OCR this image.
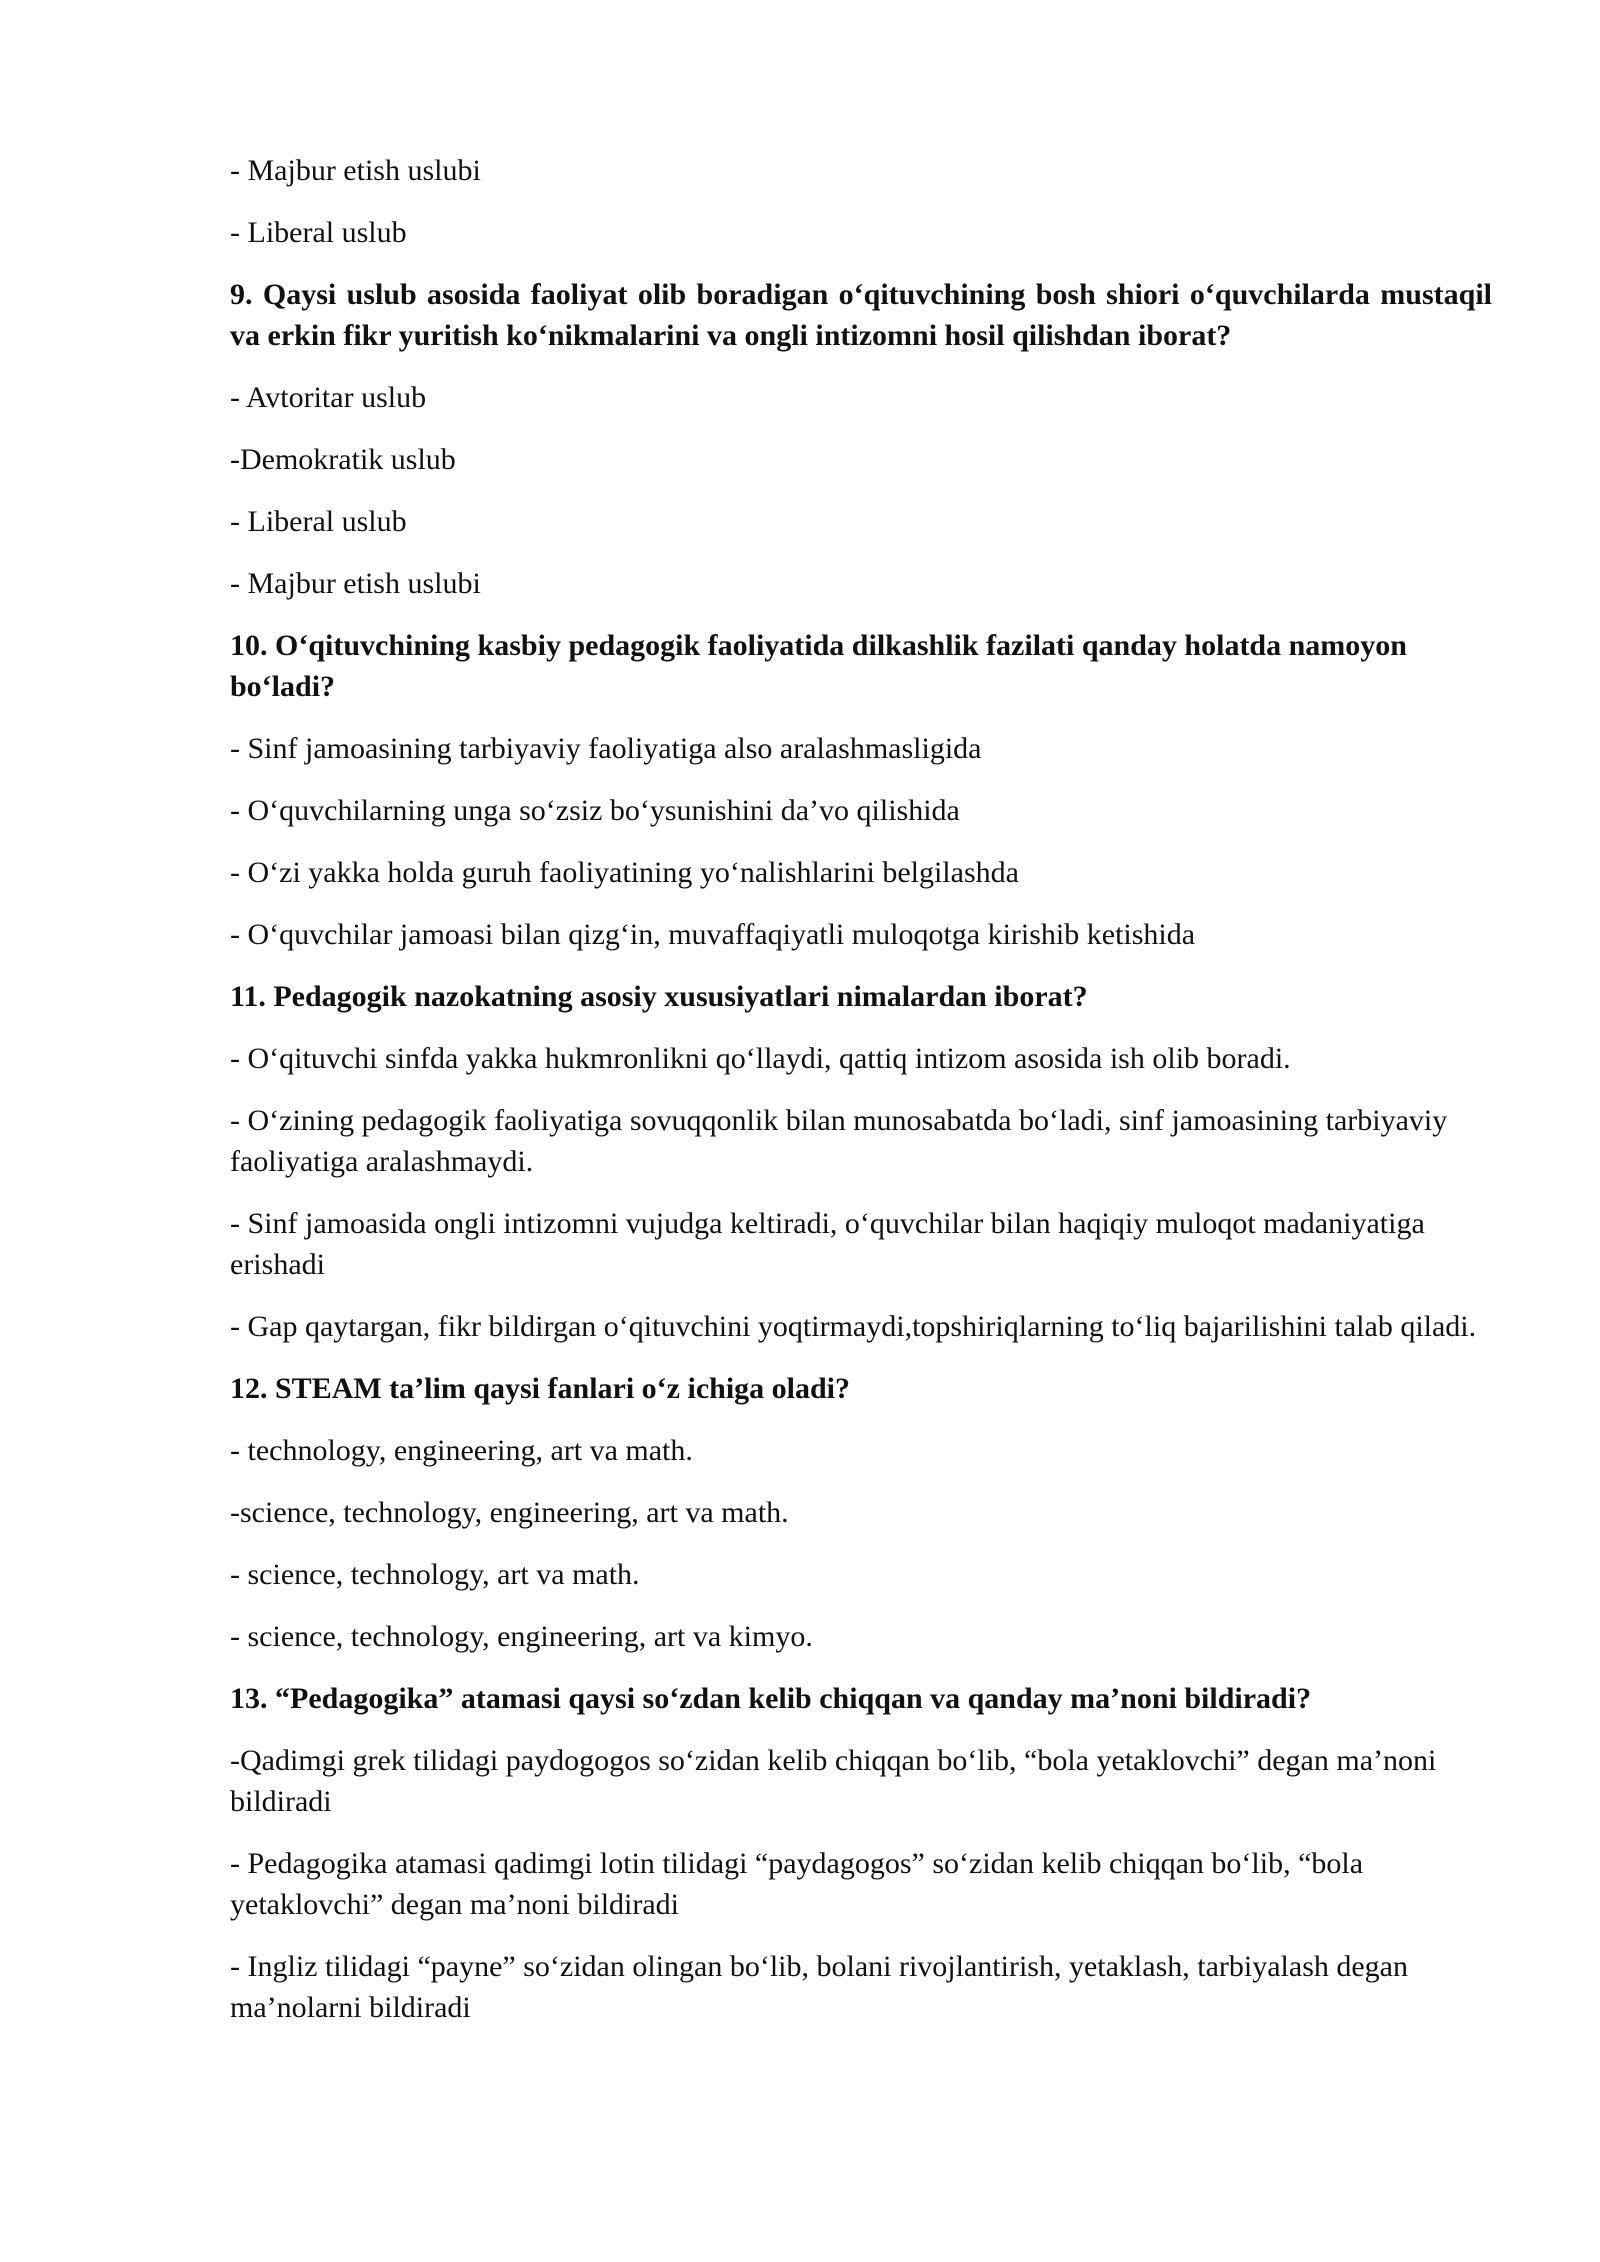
- Majbur etish uslubi

- Liberal uslub

9. Qaysi uslub asosida faoliyat olib boradigan o‘qituvchining bosh shiori o‘quvchilarda mustaqil va erkin fikr yuritish ko‘nikmalarini va ongli intizomni hosil qilishdan iborat?

- Avtoritar uslub

-Demokratik uslub

- Liberal uslub

- Majbur etish uslubi

10. O‘qituvchining kasbiy pedagogik faoliyatida dilkashlik fazilati qanday holatda namoyon bo‘ladi?

- Sinf jamoasining tarbiyaviy faoliyatiga also aralashmasligida

- O‘quvchilarning unga so‘zsiz bo‘ysunishini da’vo qilishida

- O‘zi yakka holda guruh faoliyatining yo‘nalishlarini belgilashda

- O‘quvchilar jamoasi bilan qizg‘in, muvaffaqiyatli muloqotga kirishib ketishida

11. Pedagogik nazokatning asosiy xususiyatlari nimalardan iborat?

- O‘qituvchi sinfda yakka hukmronlikni qo‘llaydi, qattiq intizom asosida ish olib boradi.

- O‘zining pedagogik faoliyatiga sovuqqonlik bilan munosabatda bo‘ladi, sinf jamoasining tarbiyaviy faoliyatiga aralashmaydi.

- Sinf jamoasida ongli intizomni vujudga keltiradi, o‘quvchilar bilan haqiqiy muloqot madaniyatiga erishadi

- Gap qaytargan, fikr bildirgan o‘qituvchini yoqtirmaydi,topshiriqlarning to‘liq bajarilishini talab qiladi.

12. STEAM ta’lim qaysi fanlari o‘z ichiga oladi?

- technology, engineering, art va math.

-science, technology, engineering, art va math.

- science, technology, art va math.

- science, technology, engineering, art va kimyo.

13. “Pedagogika” atamasi qaysi so‘zdan kelib chiqqan va qanday ma’noni bildiradi?

-Qadimgi grek tilidagi paydogogos so‘zidan kelib chiqqan bo‘lib, “bola yetaklovchi” degan ma’noni bildiradi

- Pedagogika atamasi qadimgi lotin tilidagi “paydagogos” so‘zidan kelib chiqqan bo‘lib, “bola yetaklovchi” degan ma’noni bildiradi

- Ingliz tilidagi “payne” so‘zidan olingan bo‘lib, bolani rivojlantirish, yetaklash, tarbiyalash degan ma’nolarni bildiradi
